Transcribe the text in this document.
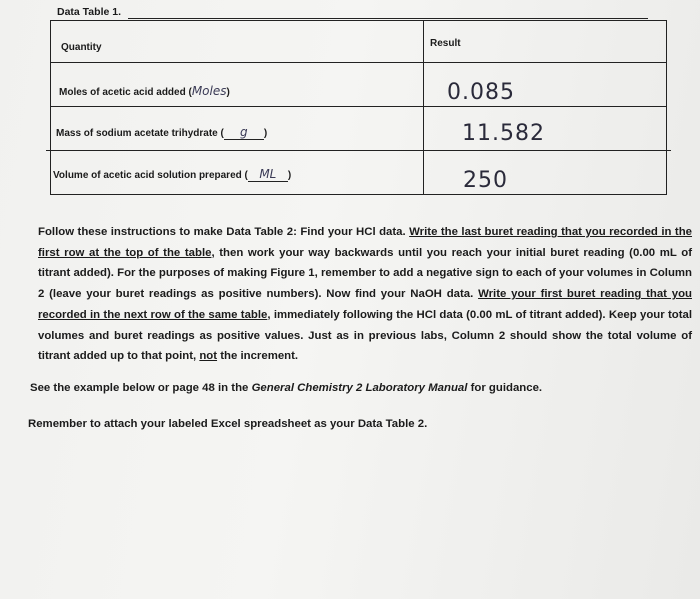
Data Table 1.
Quantity	Result
Moles of acetic acid added (Moles)	0.085
Mass of sodium acetate trihydrate ( g )	11.582
Volume of acetic acid solution prepared ( ML )	250
Follow these instructions to make Data Table 2: Find your HCl data. Write the last buret reading that you recorded in the first row at the top of the table, then work your way backwards until you reach your initial buret reading (0.00 mL of titrant added). For the purposes of making Figure 1, remember to add a negative sign to each of your volumes in Column 2 (leave your buret readings as positive numbers). Now find your NaOH data. Write your first buret reading that you recorded in the next row of the same table, immediately following the HCl data (0.00 mL of titrant added). Keep your total volumes and buret readings as positive values. Just as in previous labs, Column 2 should show the total volume of titrant added up to that point, not the increment.
See the example below or page 48 in the General Chemistry 2 Laboratory Manual for guidance.
Remember to attach your labeled Excel spreadsheet as your Data Table 2.
